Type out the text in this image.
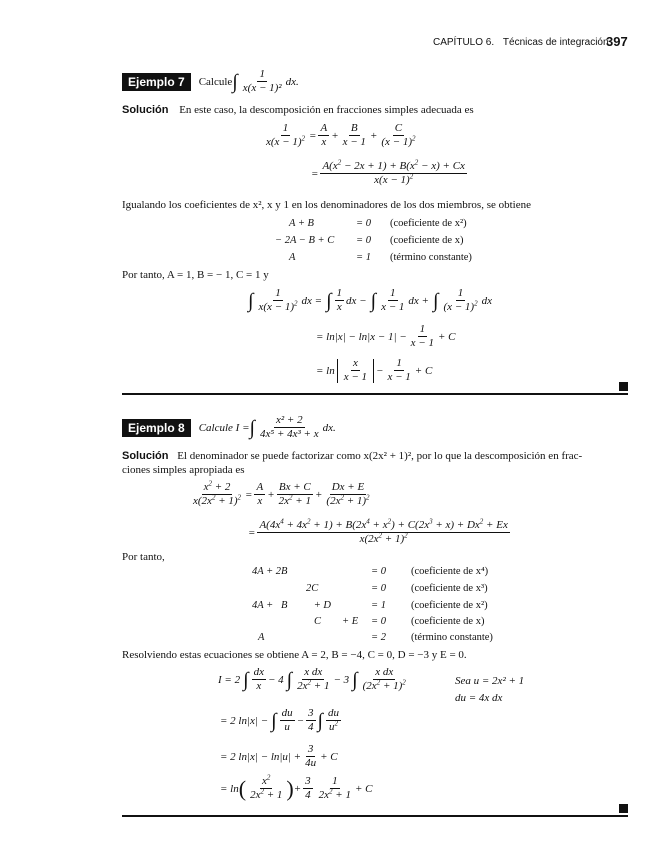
CAPÍTULO 6. Técnicas de integración
397
Ejemplo 7	Calcule ∫ $\frac{1}{\text{x(x − 1)²}}$ dx.
Solución En este caso, la descomposición en fracciones simples adecuada es
$\frac{1}{x(x - 1)^2} = \frac{A}{x} + \frac{B}{x - 1} + \frac{C}{(x - 1)^2}$
= $\frac{A(x^2 - 2x + 1) + B(x^2 - x) + Cx}{x(x - 1)^2}$
Igualando los coeficientes de x², x y 1 en los denominadores de los dos miembros, se obtiene
A + B	= 0 (coeficiente de x²)
− 2A − B + C = 0 (coeficiente de x)
A	= 1 (término constante)
Por tanto, A = 1, B = − 1, C = 1 y
∫ $\frac{1}{x(x - 1)^2}$ dx = ∫ $\frac{1}{x}$ dx − ∫ $\frac{1}{x - 1}$ dx + ∫ $\frac{1}{(x - 1)^2}$ dx
= $\ln|x| - \ln|x - 1| - \frac{1}{x - 1} + C$
= $\ln \frac{x}{x - 1} - \frac{1}{x - 1} + C$
Ejemplo 8	Calcule I = ∫ $\frac{\text{x² + 2}}{\text{4x⁵ + 4x³ + x}}$ dx.
Solución El denominador se puede factorizar como x(2x² + 1)², por lo que la descomposición en frac-
ciones simples apropiada es
$\frac{x^2 + 2}{x(2x^2 + 1)^2} = \frac{A}{x} + \frac{Bx + C}{2x^2 + 1} + \frac{Dx + E}{(2x^2 + 1)^2}$
= $\frac{A(4x^4 + 4x^2 + 1) + B(2x^4 + x^2) + C(2x^3 + x) + Dx^2 + Ex}{x(2x^2 + 1)^2}$
Por tanto,
4A + 2B	= 0 (coeficiente de x⁴)
2C	= 0 (coeficiente de x³)
4A +   B          + D	= 1 (coeficiente de x²)
C        + E = 0 (coeficiente de x)
A	= 2 (término constante)
Resolviendo estas ecuaciones se obtiene A = 2, B = −4, C = 0, D = −3 y E = 0.
I = 2 ∫ $\frac{dx}{x} - 4$ ∫ $\frac{\text{x dx}}{2x^2 + 1} - 3$ ∫ $\frac{\text{x dx}}{(2x^2 + 1)^2}$	Sea u = 2x² + 1
du = 4x dx
= 2 ln|x| − ∫ $\frac{du}{u} - \frac{3}{4}$ ∫ $\frac{du}{u^2}$
= 2 $\ln|x| - \ln|u| + \frac{3}{4u} + C$
= ln ( $\frac{x^2}{2x^2 + 1}$ ) + $\frac{3}{4} \frac{1}{2x^2 + 1} + C$
